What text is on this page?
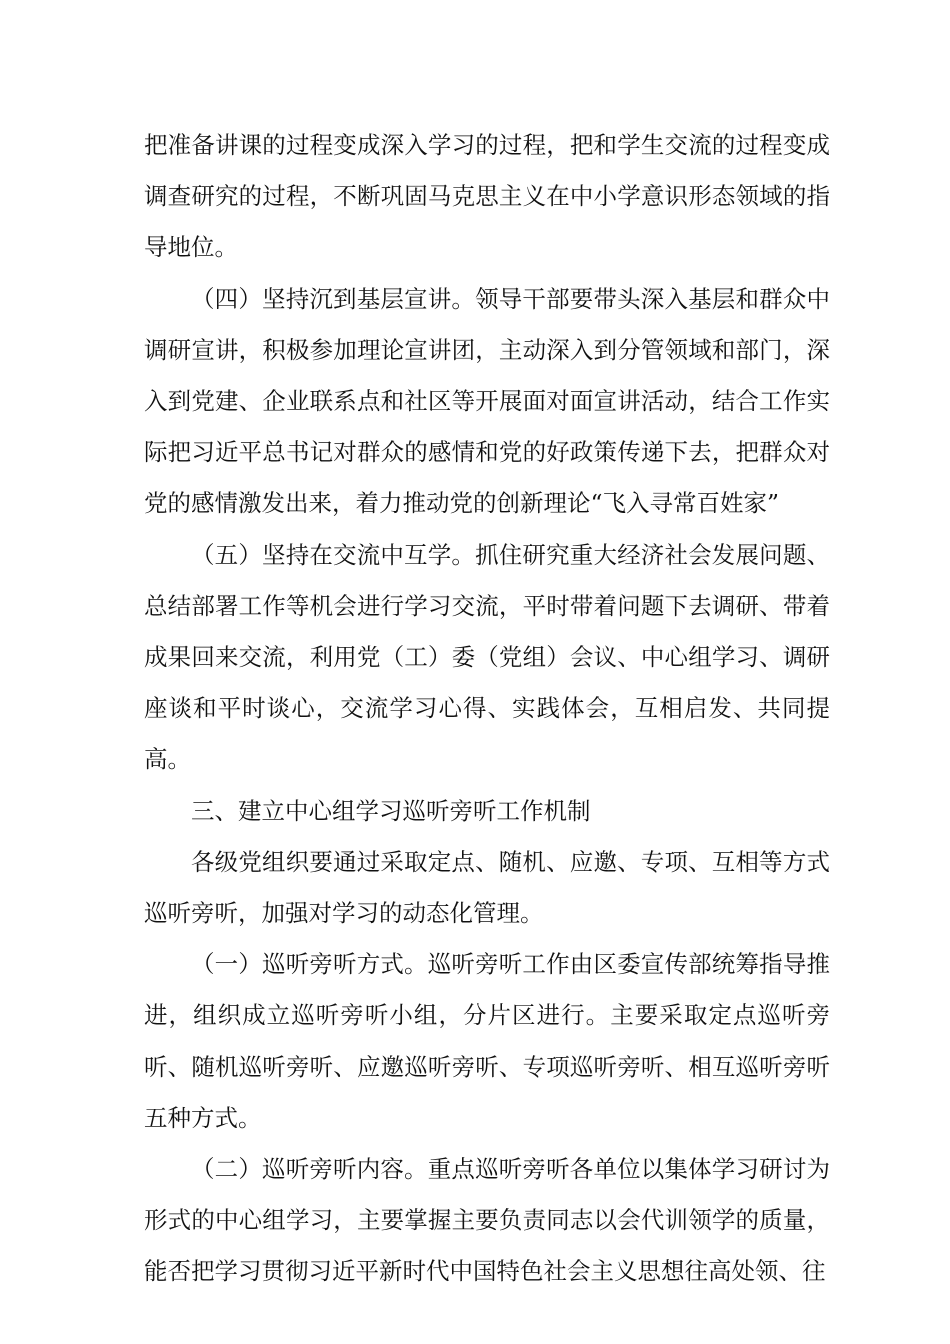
把准备讲课的过程变成深入学习的过程，把和学生交流的过程变成调查研究的过程，不断巩固马克思主义在中小学意识形态领域的指导地位。

（四）坚持沉到基层宣讲。领导干部要带头深入基层和群众中调研宣讲，积极参加理论宣讲团，主动深入到分管领域和部门，深入到党建、企业联系点和社区等开展面对面宣讲活动，结合工作实际把习近平总书记对群众的感情和党的好政策传递下去，把群众对党的感情激发出来，着力推动党的创新理论“飞入寻常百姓家”

（五）坚持在交流中互学。抓住研究重大经济社会发展问题、总结部署工作等机会进行学习交流，平时带着问题下去调研、带着成果回来交流，利用党（工）委（党组）会议、中心组学习、调研座谈和平时谈心，交流学习心得、实践体会，互相启发、共同提高。

三、建立中心组学习巡听旁听工作机制

各级党组织要通过采取定点、随机、应邀、专项、互相等方式巡听旁听，加强对学习的动态化管理。

（一）巡听旁听方式。巡听旁听工作由区委宣传部统筹指导推进，组织成立巡听旁听小组，分片区进行。主要采取定点巡听旁听、随机巡听旁听、应邀巡听旁听、专项巡听旁听、相互巡听旁听五种方式。

（二）巡听旁听内容。重点巡听旁听各单位以集体学习研讨为形式的中心组学习，主要掌握主要负责同志以会代训领学的质量，能否把学习贯彻习近平新时代中国特色社会主义思想往高处领、往
